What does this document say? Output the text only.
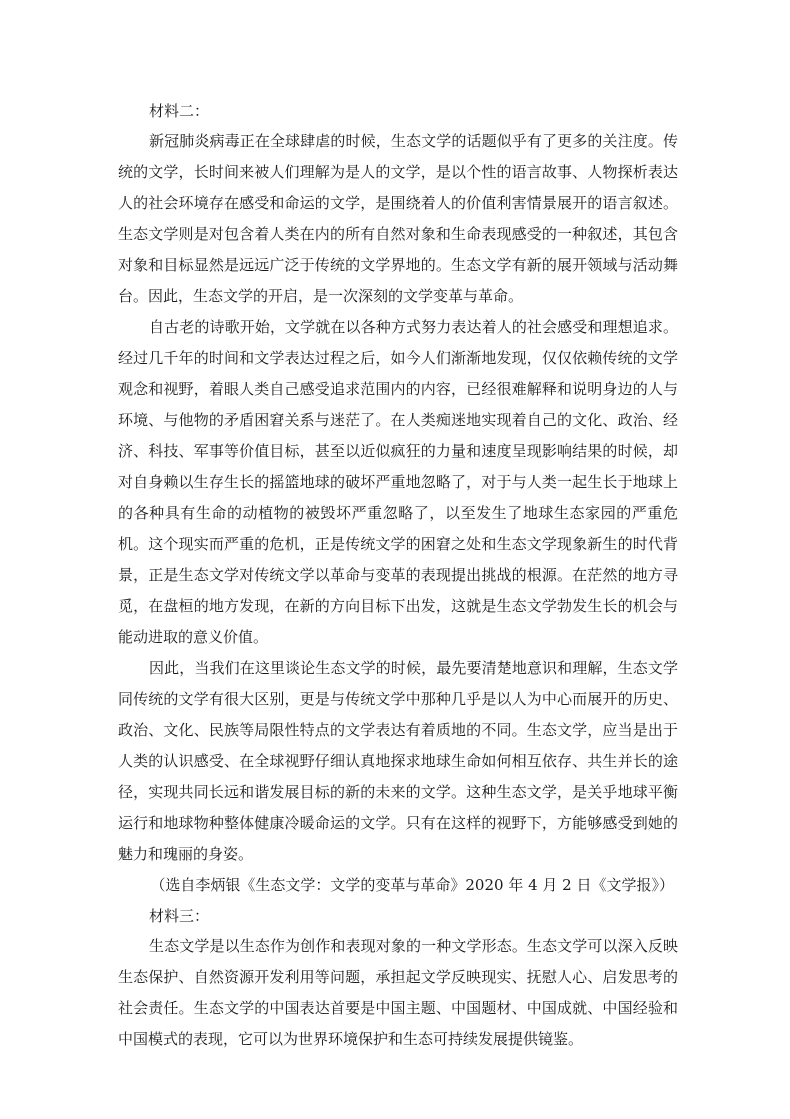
材料二：

新冠肺炎病毒正在全球肆虐的时候，生态文学的话题似乎有了更多的关注度。传统的文学，长时间来被人们理解为是人的文学，是以个性的语言故事、人物探析表达人的社会环境存在感受和命运的文学，是围绕着人的价值利害情景展开的语言叙述。生态文学则是对包含着人类在内的所有自然对象和生命表现感受的一种叙述，其包含对象和目标显然是远远广泛于传统的文学界地的。生态文学有新的展开领域与活动舞台。因此，生态文学的开启，是一次深刻的文学变革与革命。

自古老的诗歌开始，文学就在以各种方式努力表达着人的社会感受和理想追求。经过几千年的时间和文学表达过程之后，如今人们渐渐地发现，仅仅依赖传统的文学观念和视野，着眼人类自己感受追求范围内的内容，已经很难解释和说明身边的人与环境、与他物的矛盾困窘关系与迷茫了。在人类痴迷地实现着自己的文化、政治、经济、科技、军事等价值目标，甚至以近似疯狂的力量和速度呈现影响结果的时候，却对自身赖以生存生长的摇篮地球的破坏严重地忽略了，对于与人类一起生长于地球上的各种具有生命的动植物的被毁坏严重忽略了，以至发生了地球生态家园的严重危机。这个现实而严重的危机，正是传统文学的困窘之处和生态文学现象新生的时代背景，正是生态文学对传统文学以革命与变革的表现提出挑战的根源。在茫然的地方寻觅，在盘桓的地方发现，在新的方向目标下出发，这就是生态文学勃发生长的机会与能动进取的意义价值。

因此，当我们在这里谈论生态文学的时候，最先要清楚地意识和理解，生态文学同传统的文学有很大区别，更是与传统文学中那种几乎是以人为中心而展开的历史、政治、文化、民族等局限性特点的文学表达有着质地的不同。生态文学，应当是出于人类的认识感受、在全球视野仔细认真地探求地球生命如何相互依存、共生并长的途径，实现共同长远和谐发展目标的新的未来的文学。这种生态文学，是关乎地球平衡运行和地球物种整体健康冷暖命运的文学。只有在这样的视野下，方能够感受到她的魅力和瑰丽的身姿。

（选自李炳银《生态文学：文学的变革与革命》2020 年 4 月 2 日《文学报》）

材料三：

生态文学是以生态作为创作和表现对象的一种文学形态。生态文学可以深入反映生态保护、自然资源开发利用等问题，承担起文学反映现实、抚慰人心、启发思考的社会责任。生态文学的中国表达首要是中国主题、中国题材、中国成就、中国经验和中国模式的表现，它可以为世界环境保护和生态可持续发展提供镜鉴。
